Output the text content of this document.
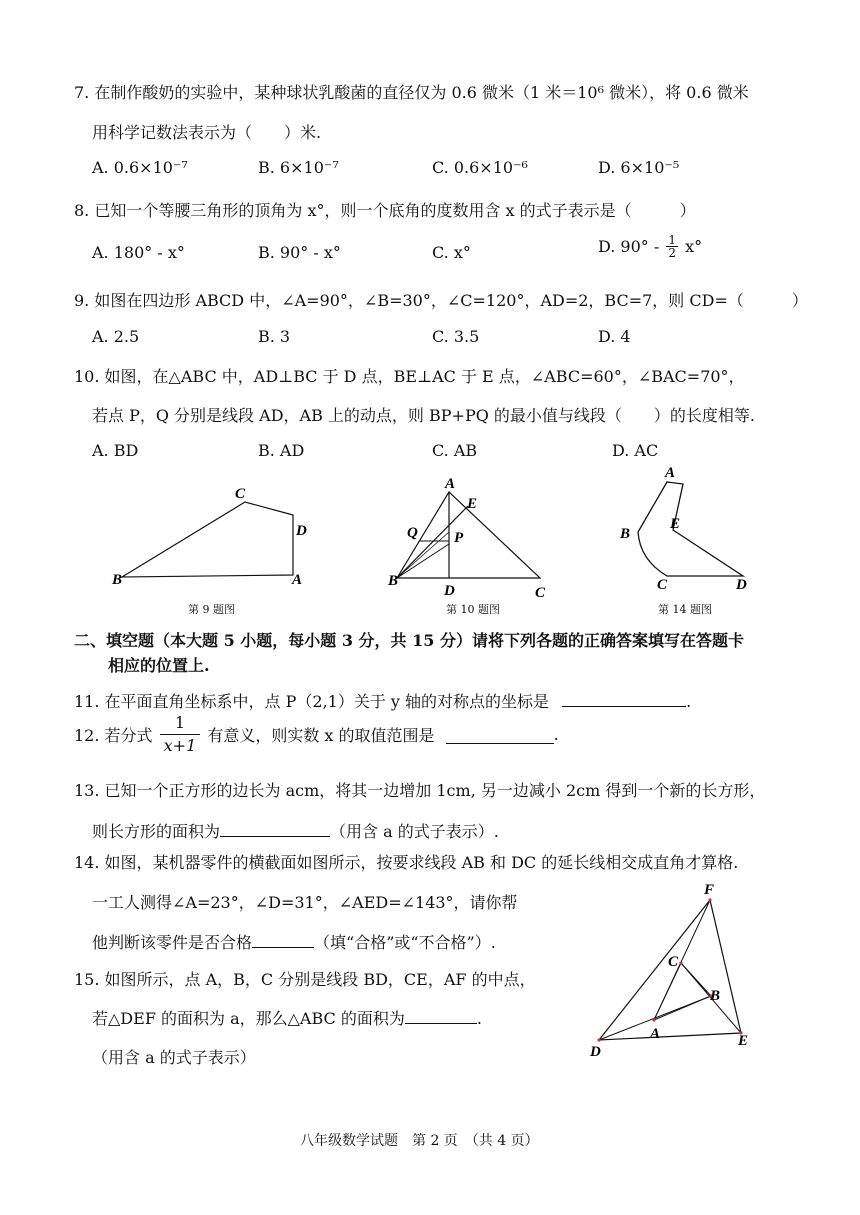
7. 在制作酸奶的实验中，某种球状乳酸菌的直径仅为 0.6 微米（1 米＝10⁶ 微米），将 0.6 微米
用科学记数法表示为（　　）米.
A. 0.6×10⁻⁷	B. 6×10⁻⁷	C. 0.6×10⁻⁶	D. 6×10⁻⁵
8. 已知一个等腰三角形的顶角为 x°，则一个底角的度数用含 x 的式子表示是（　　　）
A. 180° - x°	B. 90° - x°	C. x°	D. $90^\circ - \frac{1}{2} x^\circ$
9. 如图在四边形 ABCD 中，∠A=90°，∠B=30°，∠C=120°，AD=2，BC=7，则 CD=（　　　）
A. 2.5	B. 3	C. 3.5	D. 4
10. 如图，在△ABC 中，AD⊥BC 于 D 点，BE⊥AC 于 E 点，∠ABC=60°，∠BAC=70°，
若点 P，Q 分别是线段 AD，AB 上的动点，则 BP+PQ 的最小值与线段（　　）的长度相等.
A. BD	B. AD	C. AB	D. AC
C
D
B	A
第 9 题图
A
E
Q P
B
D	C
第 10 题图
A
E
B
C	D
第 14 题图
二、填空题（本大题 5 小题，每小题 3 分，共 15 分）请将下列各题的正确答案填写在答题卡
相应的位置上.
11. 在平面直角坐标系中，点 P（2,1）关于 y 轴的对称点的坐标是	.
12. 若分式 $\frac{1}{x+1}$ 有意义，则实数 x 的取值范围是	.
13. 已知一个正方形的边长为 acm，将其一边增加 1cm, 另一边减小 2cm 得到一个新的长方形，
则长方形的面积为	（用含 a 的式子表示）.
14. 如图，某机器零件的横截面如图所示，按要求线段 AB 和 DC 的延长线相交成直角才算格.
一工人测得∠A=23°，∠D=31°，∠AED=∠143°，请你帮
他判断该零件是否合格	（填“合格”或“不合格”）.
15. 如图所示，点 A，B，C 分别是线段 BD，CE，AF 的中点，
若△DEF 的面积为 a，那么△ABC 的面积为	.
（用含 a 的式子表示）
F
C
B
A	E
D
八年级数学试题　第 2 页　（共 4 页）
